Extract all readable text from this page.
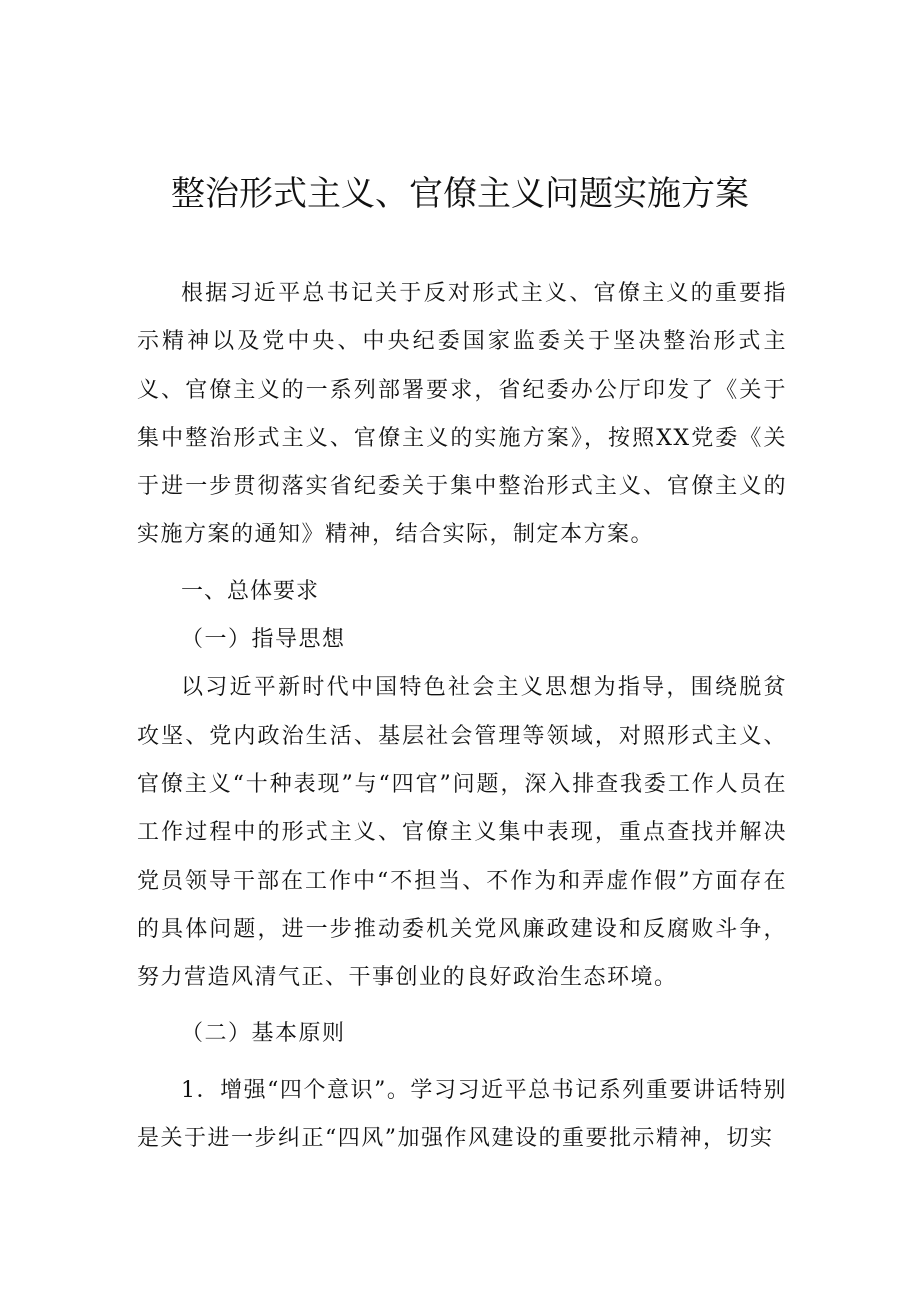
整治形式主义、官僚主义问题实施方案

根据习近平总书记关于反对形式主义、官僚主义的重要指示精神以及党中央、中央纪委国家监委关于坚决整治形式主义、官僚主义的一系列部署要求，省纪委办公厅印发了《关于集中整治形式主义、官僚主义的实施方案》，按照XX党委《关于进一步贯彻落实省纪委关于集中整治形式主义、官僚主义的实施方案的通知》精神，结合实际，制定本方案。

一、总体要求

（一）指导思想

以习近平新时代中国特色社会主义思想为指导，围绕脱贫攻坚、党内政治生活、基层社会管理等领域，对照形式主义、官僚主义“十种表现”与“四官”问题，深入排查我委工作人员在工作过程中的形式主义、官僚主义集中表现，重点查找并解决党员领导干部在工作中“不担当、不作为和弄虚作假”方面存在的具体问题，进一步推动委机关党风廉政建设和反腐败斗争，努力营造风清气正、干事创业的良好政治生态环境。

（二）基本原则

1．增强“四个意识”。学习习近平总书记系列重要讲话特别是关于进一步纠正“四风”加强作风建设的重要批示精神，切实
